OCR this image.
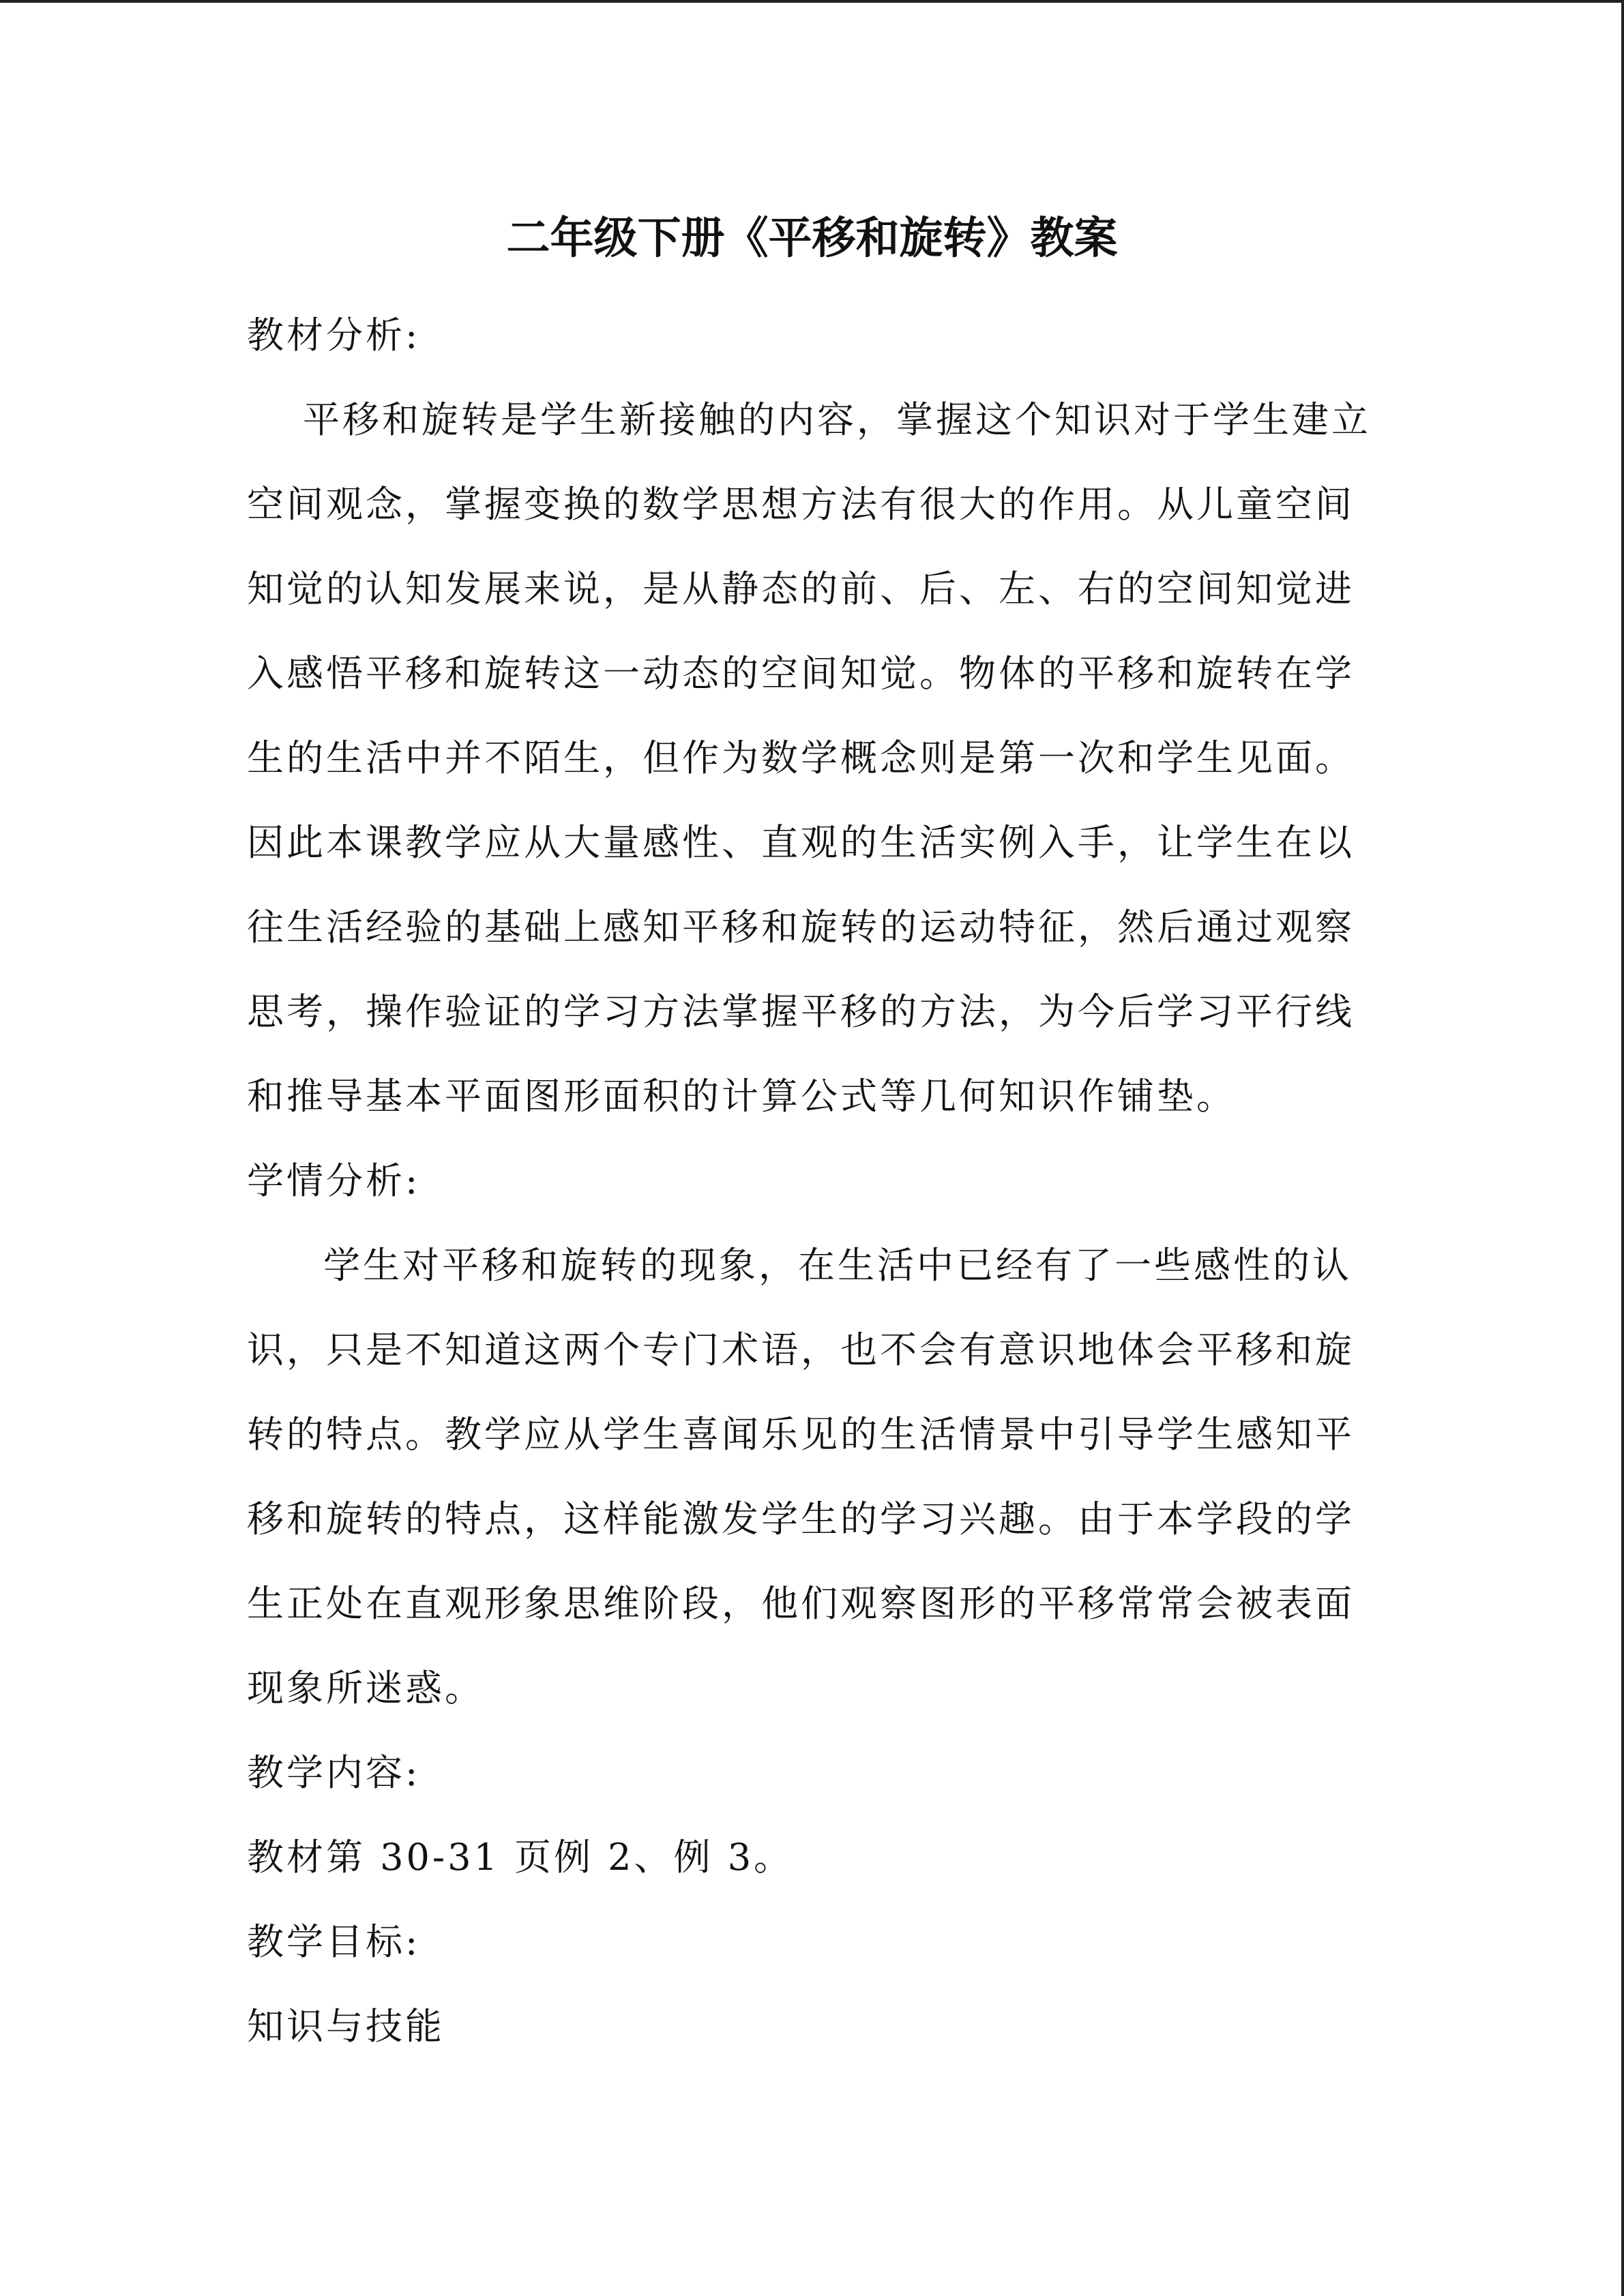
二年级下册《平移和旋转》教案

教材分析:

平移和旋转是学生新接触的内容，掌握这个知识对于学生建立空间观念，掌握变换的数学思想方法有很大的作用。从儿童空间知觉的认知发展来说，是从静态的前、后、左、右的空间知觉进入感悟平移和旋转这一动态的空间知觉。物体的平移和旋转在学生的生活中并不陌生，但作为数学概念则是第一次和学生见面。因此本课教学应从大量感性、直观的生活实例入手，让学生在以往生活经验的基础上感知平移和旋转的运动特征，然后通过观察思考，操作验证的学习方法掌握平移的方法，为今后学习平行线和推导基本平面图形面积的计算公式等几何知识作铺垫。

学情分析:

学生对平移和旋转的现象，在生活中已经有了一些感性的认识，只是不知道这两个专门术语，也不会有意识地体会平移和旋转的特点。教学应从学生喜闻乐见的生活情景中引导学生感知平移和旋转的特点，这样能激发学生的学习兴趣。由于本学段的学生正处在直观形象思维阶段，他们观察图形的平移常常会被表面现象所迷惑。

教学内容:

教材第 30-31 页例 2、例 3。

教学目标:

知识与技能
